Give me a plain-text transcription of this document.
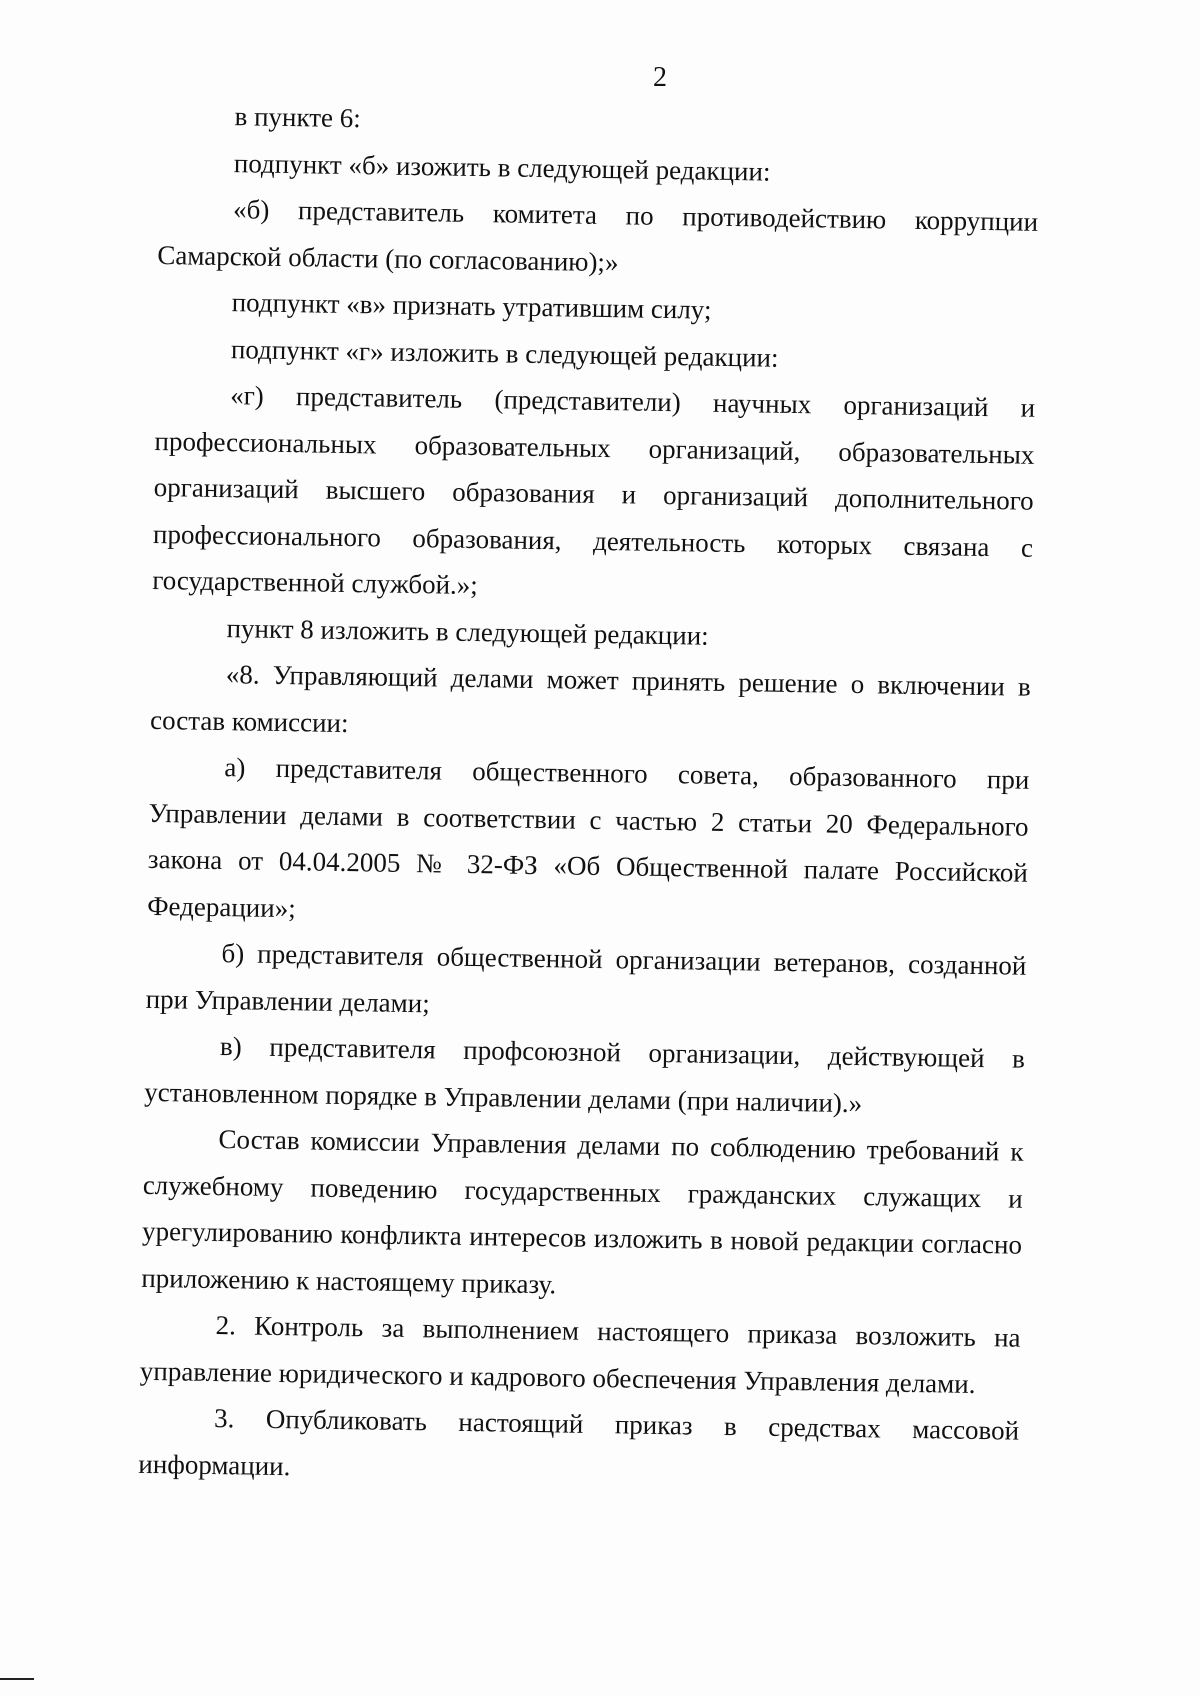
2

в пункте 6:

подпункт «б» изожить в следующей редакции:

«б) представитель комитета по противодействию коррупции Самарской области (по согласованию);»

подпункт «в» признать утратившим силу;

подпункт «г» изложить в следующей редакции:

«г) представитель (представители) научных организаций и профессиональных образовательных организаций, образовательных организаций высшего образования и организаций дополнительного профессионального образования, деятельность которых связана с государственной службой.»;

пункт 8 изложить в следующей редакции:

«8. Управляющий делами может принять решение о включении в состав комиссии:

а) представителя общественного совета, образованного при Управлении делами в соответствии с частью 2 статьи 20 Федерального закона от 04.04.2005 № 32-ФЗ «Об Общественной палате Российской Федерации»;

б) представителя общественной организации ветеранов, созданной при Управлении делами;

в) представителя профсоюзной организации, действующей в установленном порядке в Управлении делами (при наличии).»

Состав комиссии Управления делами по соблюдению требований к служебному поведению государственных гражданских служащих и урегулированию конфликта интересов изложить в новой редакции согласно приложению к настоящему приказу.

2. Контроль за выполнением настоящего приказа возложить на управление юридического и кадрового обеспечения Управления делами.

3. Опубликовать настоящий приказ в средствах массовой информации.
